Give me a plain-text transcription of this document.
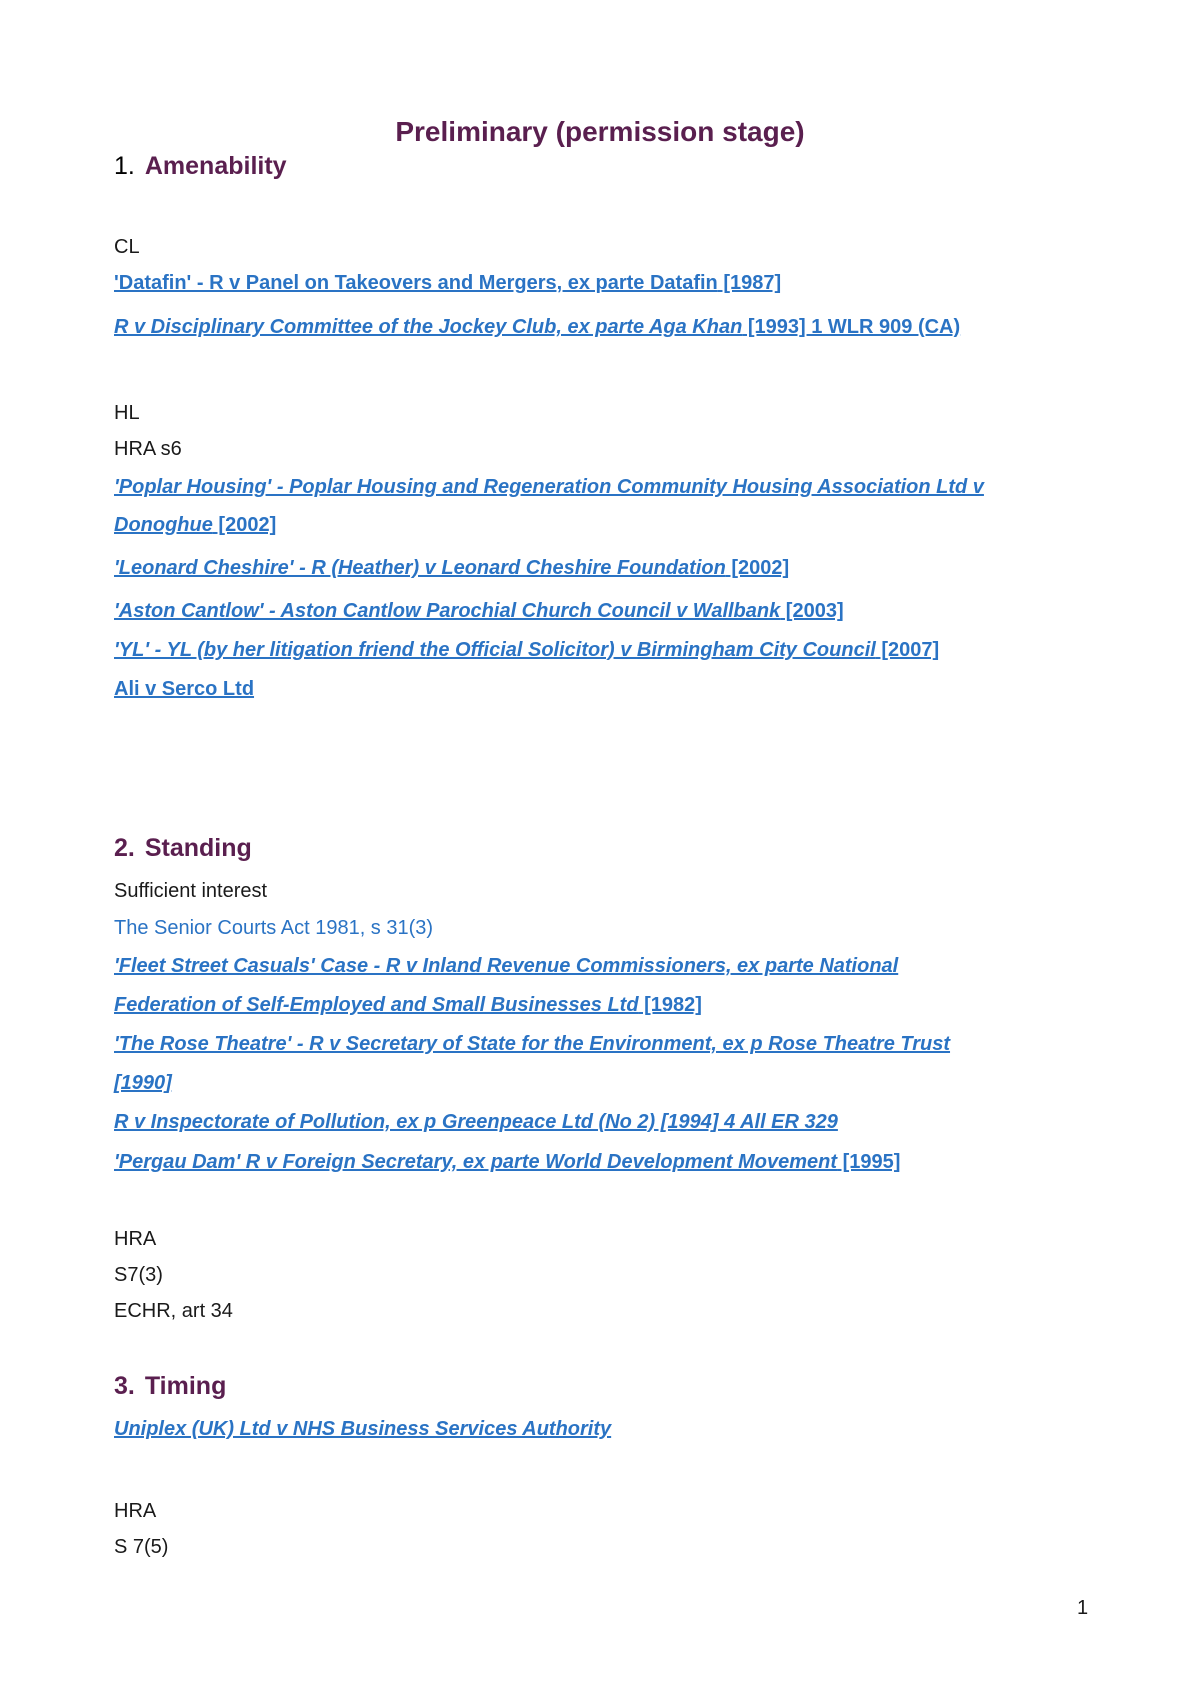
Preliminary (permission stage)
1. Amenability
CL
'Datafin' - R v Panel on Takeovers and Mergers, ex parte Datafin [1987]
R v Disciplinary Committee of the Jockey Club, ex parte Aga Khan [1993] 1 WLR 909 (CA)
HL
HRA s6
'Poplar Housing' - Poplar Housing and Regeneration Community Housing Association Ltd v
Donoghue [2002]
'Leonard Cheshire' - R (Heather) v Leonard Cheshire Foundation [2002]
'Aston Cantlow' - Aston Cantlow Parochial Church Council v Wallbank [2003]
'YL' - YL (by her litigation friend the Official Solicitor) v Birmingham City Council [2007]
Ali v Serco Ltd
2. Standing
Sufficient interest
The Senior Courts Act 1981, s 31(3)
'Fleet Street Casuals' Case - R v Inland Revenue Commissioners, ex parte National
Federation of Self-Employed and Small Businesses Ltd [1982]
'The Rose Theatre' - R v Secretary of State for the Environment, ex p Rose Theatre Trust
[1990]
R v Inspectorate of Pollution, ex p Greenpeace Ltd (No 2) [1994] 4 All ER 329
'Pergau Dam' R v Foreign Secretary, ex parte World Development Movement [1995]
HRA
S7(3)
ECHR, art 34
3. Timing
Uniplex (UK) Ltd v NHS Business Services Authority
HRA
S 7(5)
1
